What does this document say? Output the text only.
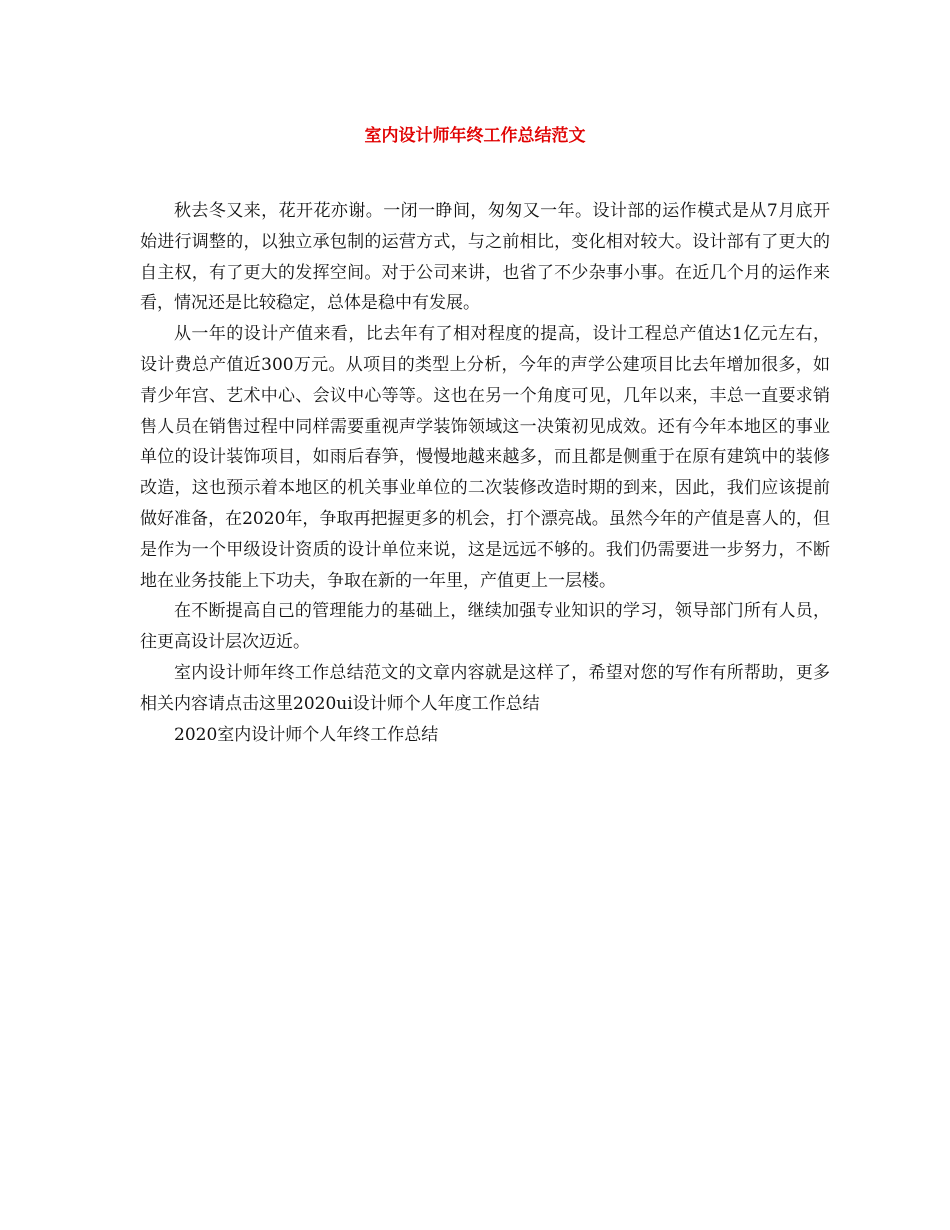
室内设计师年终工作总结范文

秋去冬又来，花开花亦谢。一闭一睁间，匆匆又一年。设计部的运作模式是从7月底开始进行调整的，以独立承包制的运营方式，与之前相比，变化相对较大。设计部有了更大的自主权，有了更大的发挥空间。对于公司来讲，也省了不少杂事小事。在近几个月的运作来看，情况还是比较稳定，总体是稳中有发展。

从一年的设计产值来看，比去年有了相对程度的提高，设计工程总产值达1亿元左右，设计费总产值近300万元。从项目的类型上分析，今年的声学公建项目比去年增加很多，如青少年宫、艺术中心、会议中心等等。这也在另一个角度可见，几年以来，丰总一直要求销售人员在销售过程中同样需要重视声学装饰领域这一决策初见成效。还有今年本地区的事业单位的设计装饰项目，如雨后春笋，慢慢地越来越多，而且都是侧重于在原有建筑中的装修改造，这也预示着本地区的机关事业单位的二次装修改造时期的到来，因此，我们应该提前做好准备，在2020年，争取再把握更多的机会，打个漂亮战。虽然今年的产值是喜人的，但是作为一个甲级设计资质的设计单位来说，这是远远不够的。我们仍需要进一步努力，不断地在业务技能上下功夫，争取在新的一年里，产值更上一层楼。

在不断提高自己的管理能力的基础上，继续加强专业知识的学习，领导部门所有人员，往更高设计层次迈近。

室内设计师年终工作总结范文的文章内容就是这样了，希望对您的写作有所帮助，更多相关内容请点击这里2020ui设计师个人年度工作总结

2020室内设计师个人年终工作总结
